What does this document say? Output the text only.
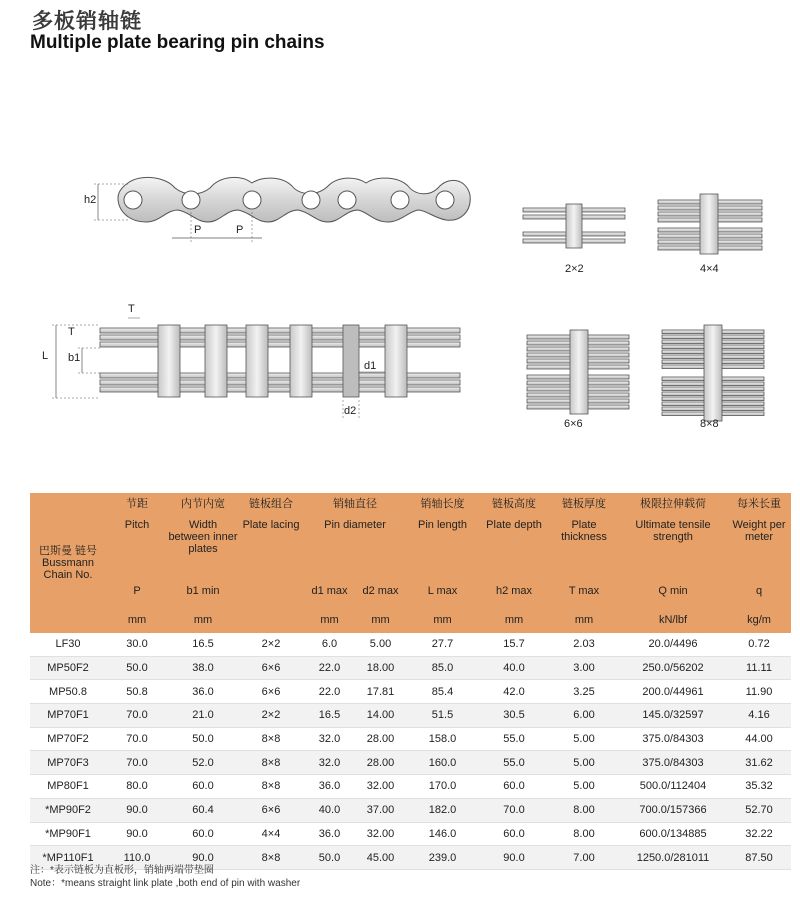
多板销轴链
Multiple plate bearing pin chains
h2
P	P
T
T
L b1
d1
d2
2×2	4×4
6×6	8×8
巴斯曼 链号 Bussmann Chain No.	节距	内节内宽	链板组合	销轴直径		销轴长度	链板高度	链板厚度	极限拉伸载荷	每米长重
	Pitch	Width between inner plates	Plate lacing	Pin diameter		Pin length	Plate depth	Plate thickness	Ultimate tensile strength	Weight per meter
	P	b1 min		d1 max	d2 max	L max	h2 max	T max	Q min	q
	mm	mm		mm	mm	mm	mm	mm	kN/lbf	kg/m
LF30	30.0	16.5	2×2	6.0	5.00	27.7	15.7	2.03	20.0/4496	0.72
MP50F2	50.0	38.0	6×6	22.0	18.00	85.0	40.0	3.00	250.0/56202	11.11
MP50.8	50.8	36.0	6×6	22.0	17.81	85.4	42.0	3.25	200.0/44961	11.90
MP70F1	70.0	21.0	2×2	16.5	14.00	51.5	30.5	6.00	145.0/32597	4.16
MP70F2	70.0	50.0	8×8	32.0	28.00	158.0	55.0	5.00	375.0/84303	44.00
MP70F3	70.0	52.0	8×8	32.0	28.00	160.0	55.0	5.00	375.0/84303	31.62
MP80F1	80.0	60.0	8×8	36.0	32.00	170.0	60.0	5.00	500.0/112404	35.32
*MP90F2	90.0	60.4	6×6	40.0	37.00	182.0	70.0	8.00	700.0/157366	52.70
*MP90F1	90.0	60.0	4×4	36.0	32.00	146.0	60.0	8.00	600.0/134885	32.22
*MP110F1	110.0	90.0	8×8	50.0	45.00	239.0	90.0	7.00	1250.0/281011	87.50
注：*表示链板为直板形，销轴两端带垫圈
Note：*means straight link plate ,both end of pin with washer
